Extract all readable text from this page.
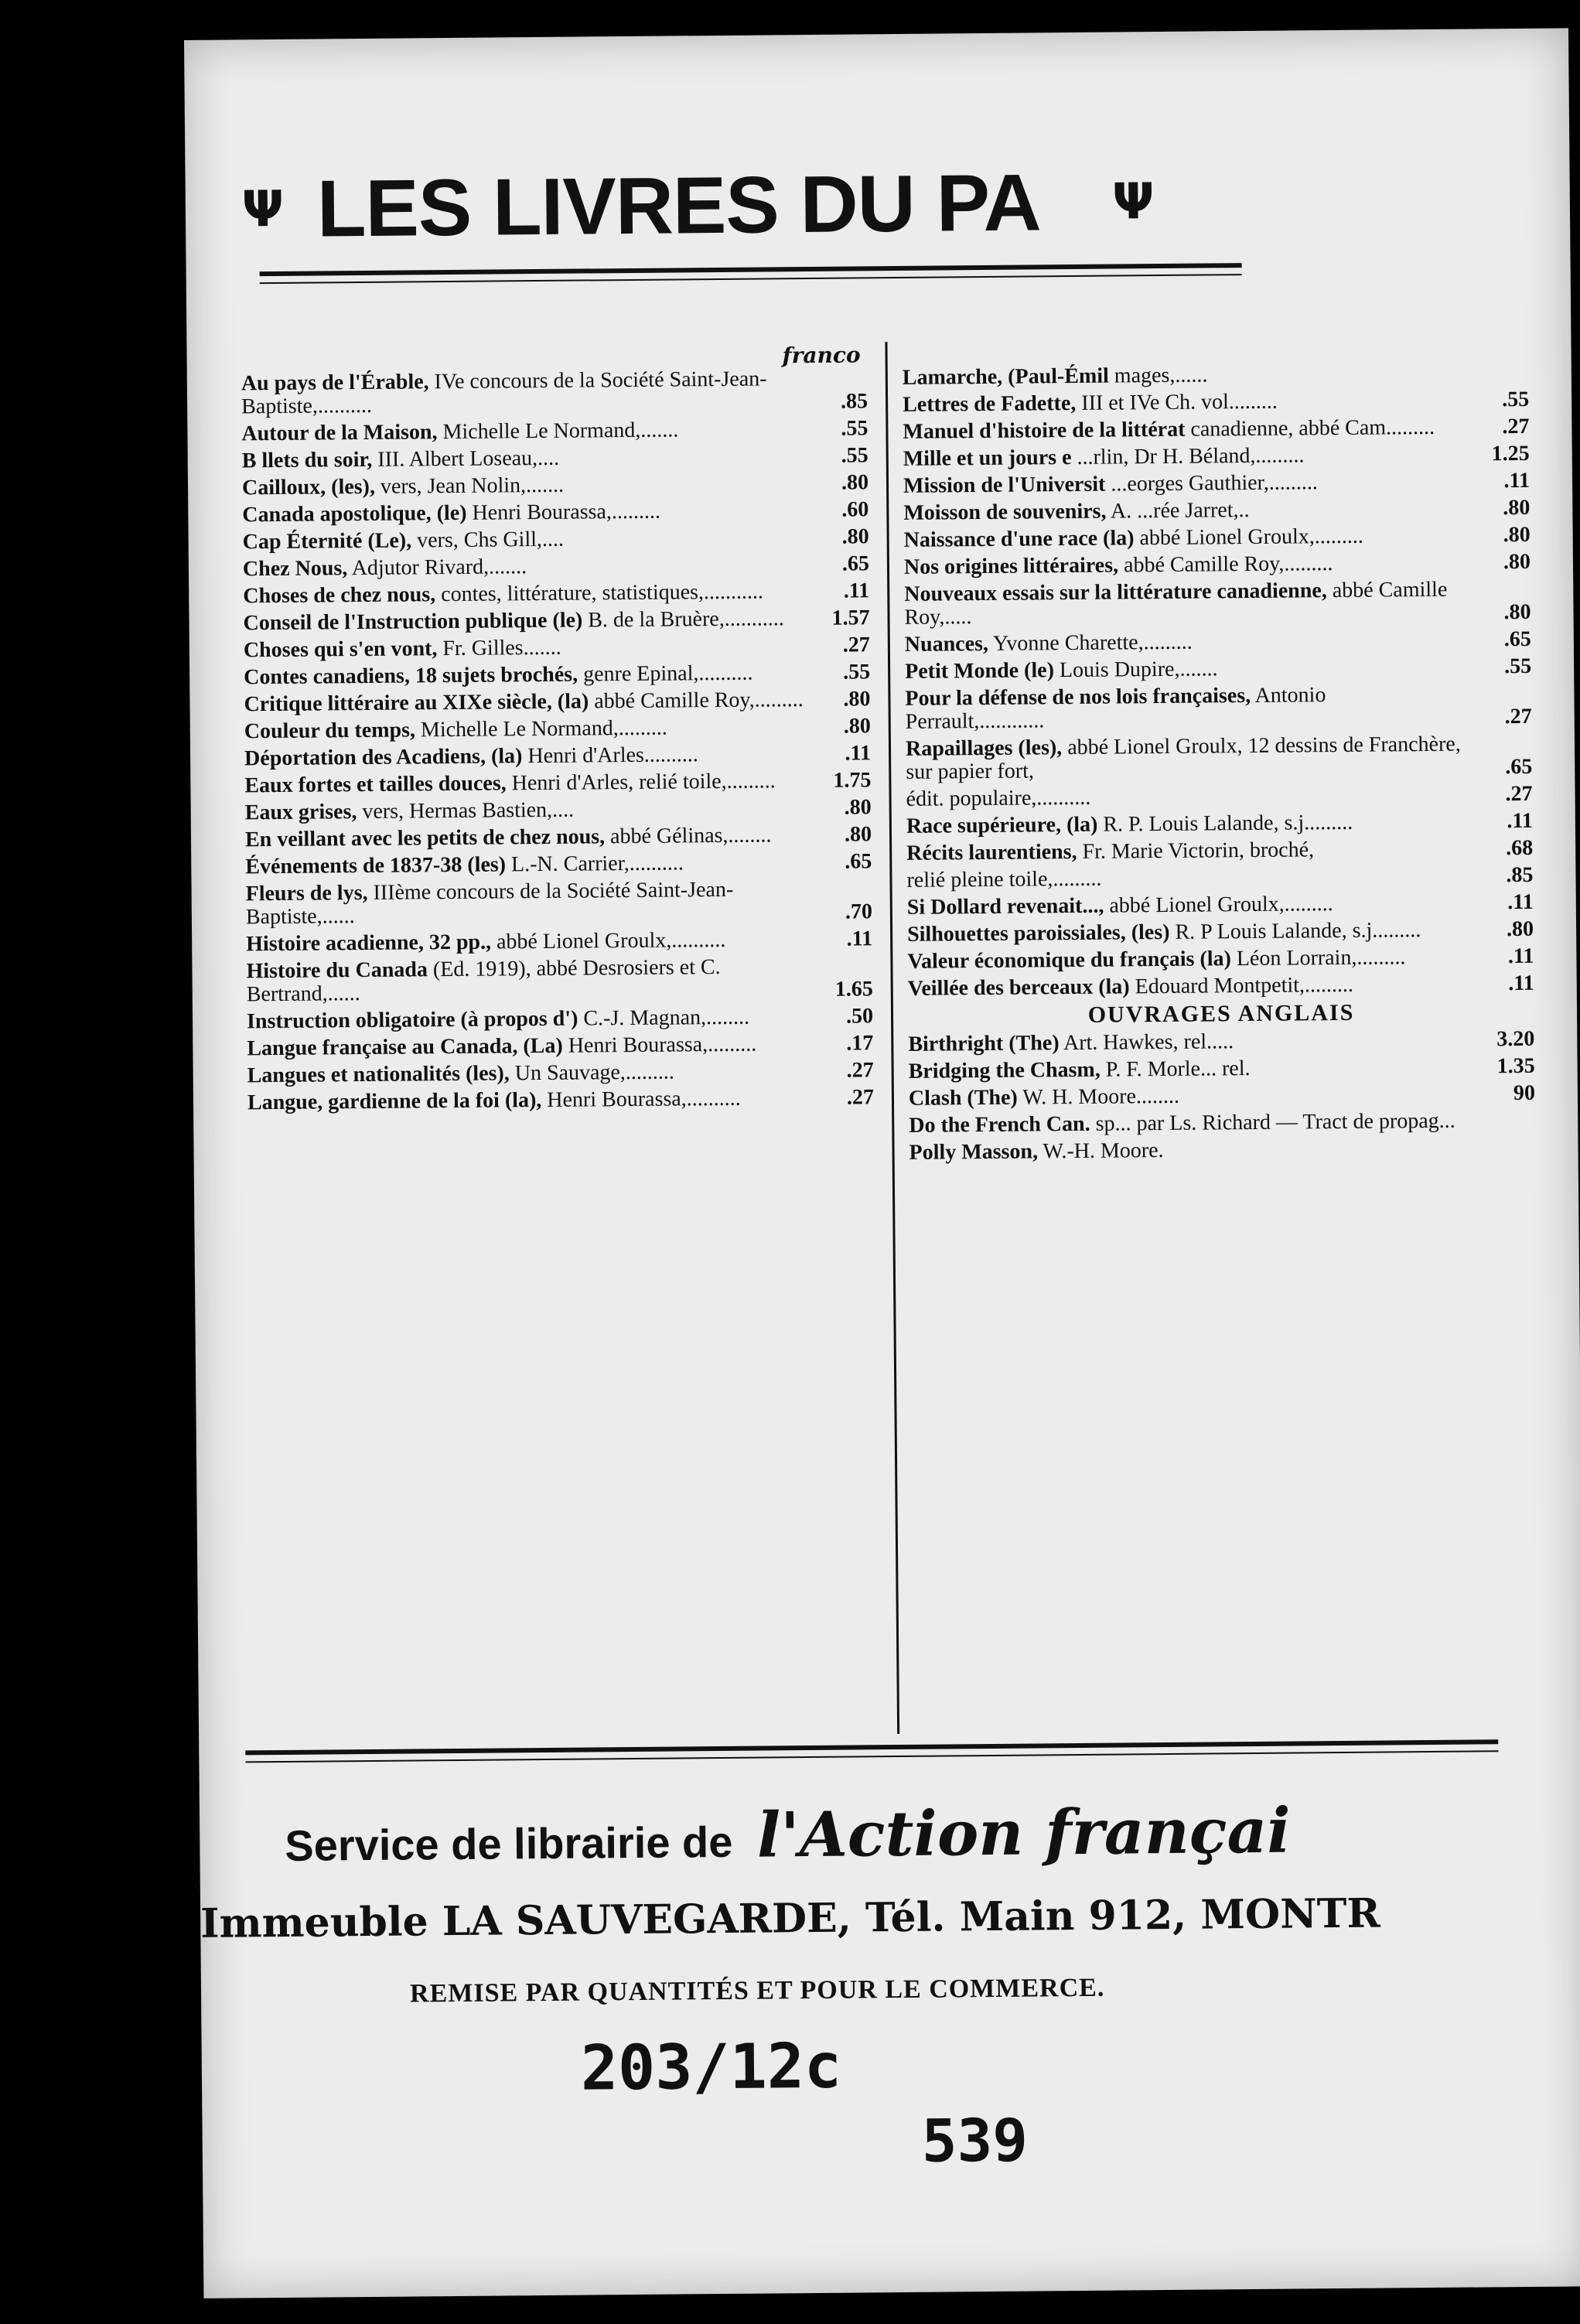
Ψ LES LIVRES DU PA Ψ
franco
Au pays de l'Érable, IVe concours de la Société Saint-Jean-Baptiste,..........	.85
Autour de la Maison, Michelle Le Normand,.......	.55
B llets du soir, III. Albert Loseau,....	.55
Cailloux, (les), vers, Jean Nolin,.......	.80
Canada apostolique, (le) Henri Bourassa,.........	.60
Cap Éternité (Le), vers, Chs Gill,....	.80
Chez Nous, Adjutor Rivard,.......	.65
Choses de chez nous, contes, littérature, statistiques,...........	.11
Conseil de l'Instruction publique (le) B. de la Bruère,...........	1.57
Choses qui s'en vont, Fr. Gilles.......	.27
Contes canadiens, 18 sujets brochés, genre Epinal,..........	.55
Critique littéraire au XIXe siècle, (la) abbé Camille Roy,.........	.80
Couleur du temps, Michelle Le Normand,.........	.80
Déportation des Acadiens, (la) Henri d'Arles..........	.11
Eaux fortes et tailles douces, Henri d'Arles, relié toile,.........	1.75
Eaux grises, vers, Hermas Bastien,....	.80
En veillant avec les petits de chez nous, abbé Gélinas,........	.80
Événements de 1837-38 (les) L.-N. Carrier,..........	.65
Fleurs de lys, IIIème concours de la Société Saint-Jean-Baptiste,......	.70
Histoire acadienne, 32 pp., abbé Lionel Groulx,..........	.11
Histoire du Canada (Ed. 1919), abbé Desrosiers et C. Bertrand,......	1.65
Instruction obligatoire (à propos d') C.-J. Magnan,........	.50
Langue française au Canada, (La) Henri Bourassa,.........	.17
Langues et nationalités (les), Un Sauvage,.........	.27
Langue, gardienne de la foi (la), Henri Bourassa,..........	.27
Lamarche, (Paul-Émil mages,......
Lettres de Fadette, III et IVe Ch. vol.........	.55
Manuel d'histoire de la littérat canadienne, abbé Cam.........	.27
Mille et un jours e ...rlin, Dr H. Béland,.........	1.25
Mission de l'Universit ...eorges Gauthier,.........	.11
Moisson de souvenirs, A. ...rée Jarret,..	.80
Naissance d'une race (la) abbé Lionel Groulx,.........	.80
Nos origines littéraires, abbé Camille Roy,.........	.80
Nouveaux essais sur la littérature canadienne, abbé Camille Roy,.....	.80
Nuances, Yvonne Charette,.........	.65
Petit Monde (le) Louis Dupire,.......	.55
Pour la défense de nos lois françaises, Antonio Perrault,............	.27
Rapaillages (les), abbé Lionel Groulx, 12 dessins de Franchère, sur papier fort,	.65
édit. populaire,..........	.27
Race supérieure, (la) R. P. Louis Lalande, s.j.........	.11
Récits laurentiens, Fr. Marie Victorin, broché,	.68
relié pleine toile,.........	.85
Si Dollard revenait..., abbé Lionel Groulx,.........	.11
Silhouettes paroissiales, (les) R. P Louis Lalande, s.j.........	.80
Valeur économique du français (la) Léon Lorrain,.........	.11
Veillée des berceaux (la) Edouard Montpetit,.........	.11
OUVRAGES ANGLAIS
Birthright (The) Art. Hawkes, rel.....	3.20
Bridging the Chasm, P. F. Morle... rel.	1.35
Clash (The) W. H. Moore........	90
Do the French Can. sp... par Ls. Richard — Tract de propag...
Polly Masson, W.-H. Moore.
Service de librairie de l'Action françai
Immeuble LA SAUVEGARDE, Tél. Main 912, MONTR
REMISE PAR QUANTITÉS ET POUR LE COMMERCE.
203/12c
539
